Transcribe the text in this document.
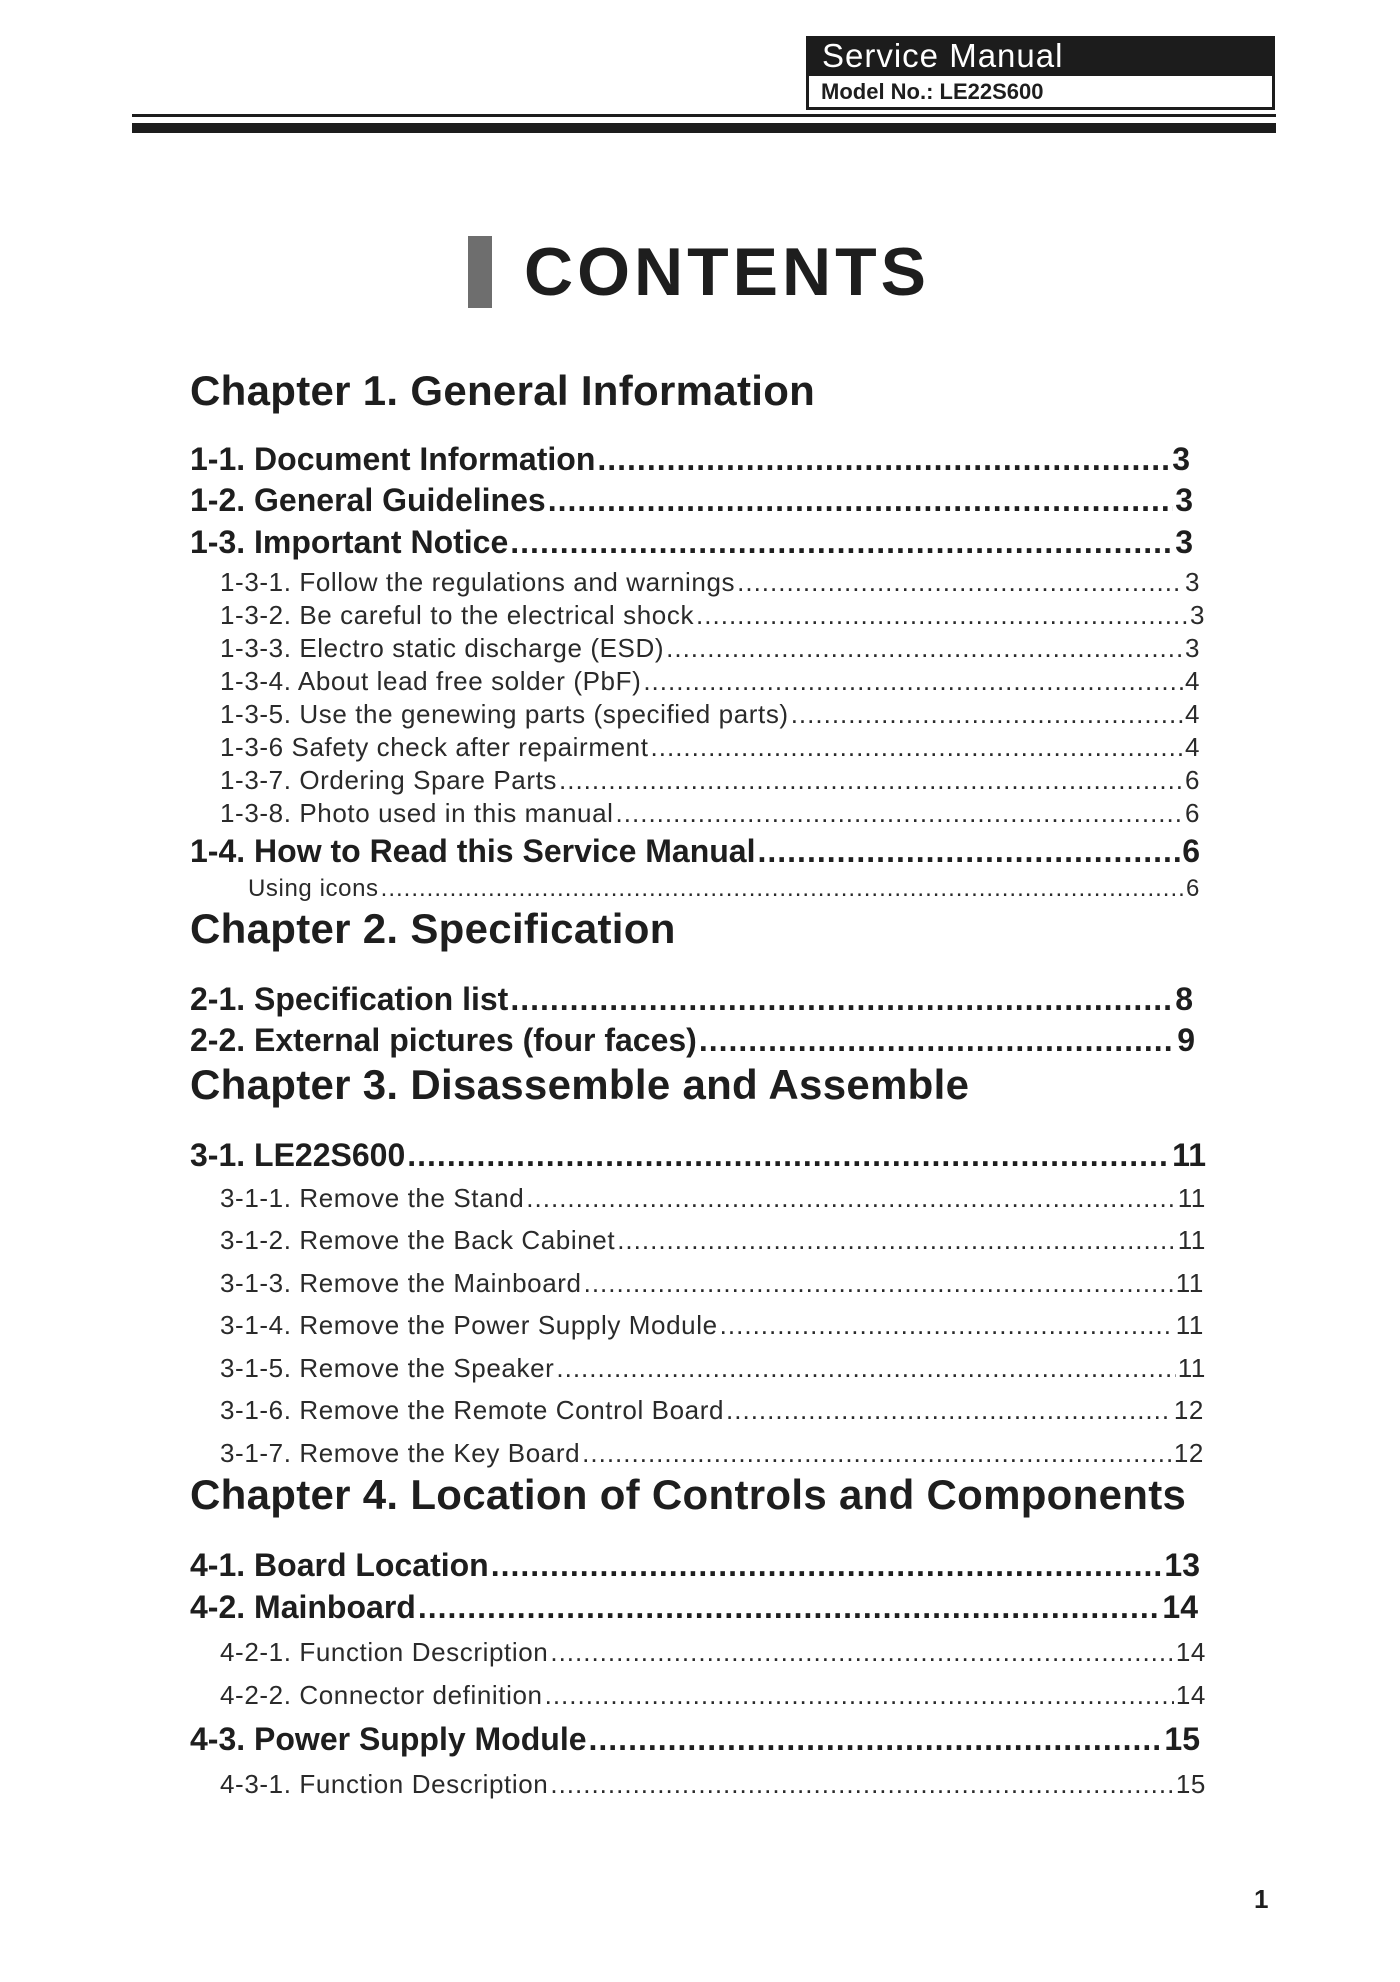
Service Manual
Model No.: LE22S600
CONTENTS
Chapter 1. General Information
1-1. Document Information .....	3
1-2. General Guidelines .....	3
1-3. Important Notice .....	3
1-3-1. Follow the regulations and warnings .....	3
1-3-2. Be careful to the electrical shock .....	3
1-3-3. Electro static discharge (ESD) .....	3
1-3-4. About lead free solder (PbF) .....	4
1-3-5. Use the genewing parts (specified parts) .....	4
1-3-6 Safety check after repairment .....	4
1-3-7. Ordering Spare Parts .....	6
1-3-8. Photo used in this manual .....	6
1-4. How to Read this Service Manual .....	6
Using icons .....	6
Chapter 2. Specification
2-1. Specification list .....	8
2-2. External pictures (four faces) .....	9
Chapter 3. Disassemble and Assemble
3-1. LE22S600 .....	11
3-1-1. Remove the Stand .....	11
3-1-2. Remove the Back Cabinet .....	11
3-1-3. Remove the Mainboard .....	11
3-1-4. Remove the Power Supply Module .....	11
3-1-5. Remove the Speaker .....	11
3-1-6. Remove the Remote Control Board .....	12
3-1-7. Remove the Key Board .....	12
Chapter 4. Location of Controls and Components
4-1. Board Location .....	13
4-2. Mainboard .....	14
4-2-1. Function Description .....	14
4-2-2. Connector definition .....	14
4-3. Power Supply Module .....	15
4-3-1. Function Description .....	15
1
